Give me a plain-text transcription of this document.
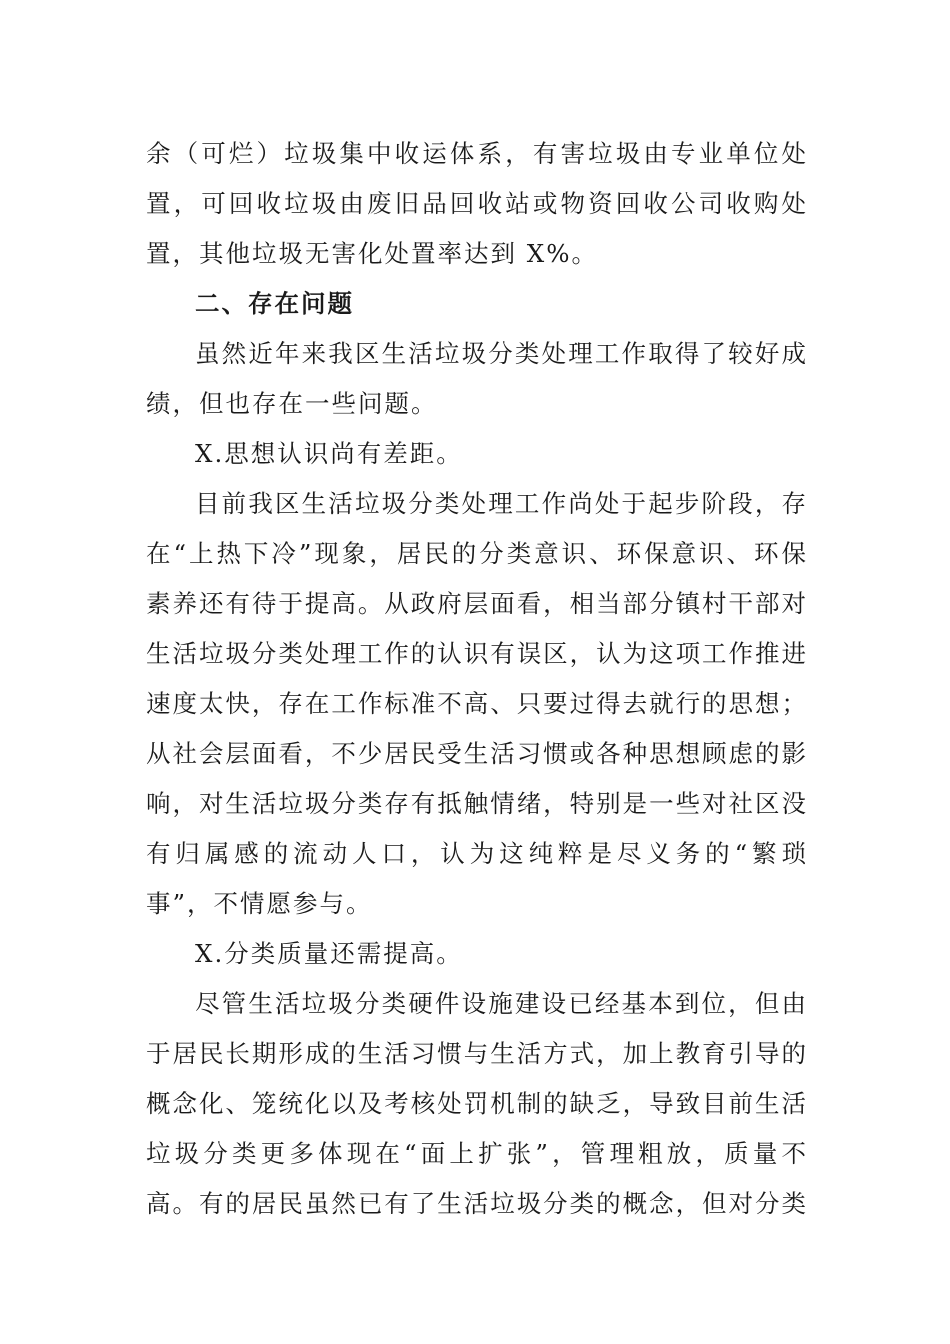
余（可烂）垃圾集中收运体系，有害垃圾由专业单位处
置，可回收垃圾由废旧品回收站或物资回收公司收购处
置，其他垃圾无害化处置率达到 X%。
二、存在问题
虽然近年来我区生活垃圾分类处理工作取得了较好成
绩，但也存在一些问题。
X.思想认识尚有差距。
目前我区生活垃圾分类处理工作尚处于起步阶段，存
在“上热下冷”现象，居民的分类意识、环保意识、环保
素养还有待于提高。从政府层面看，相当部分镇村干部对
生活垃圾分类处理工作的认识有误区，认为这项工作推进
速度太快，存在工作标准不高、只要过得去就行的思想；
从社会层面看，不少居民受生活习惯或各种思想顾虑的影
响，对生活垃圾分类存有抵触情绪，特别是一些对社区没
有归属感的流动人口，认为这纯粹是尽义务的“繁琐
事”，不情愿参与。
X.分类质量还需提高。
尽管生活垃圾分类硬件设施建设已经基本到位，但由
于居民长期形成的生活习惯与生活方式，加上教育引导的
概念化、笼统化以及考核处罚机制的缺乏，导致目前生活
垃圾分类更多体现在“面上扩张”，管理粗放，质量不
高。有的居民虽然已有了生活垃圾分类的概念，但对分类
